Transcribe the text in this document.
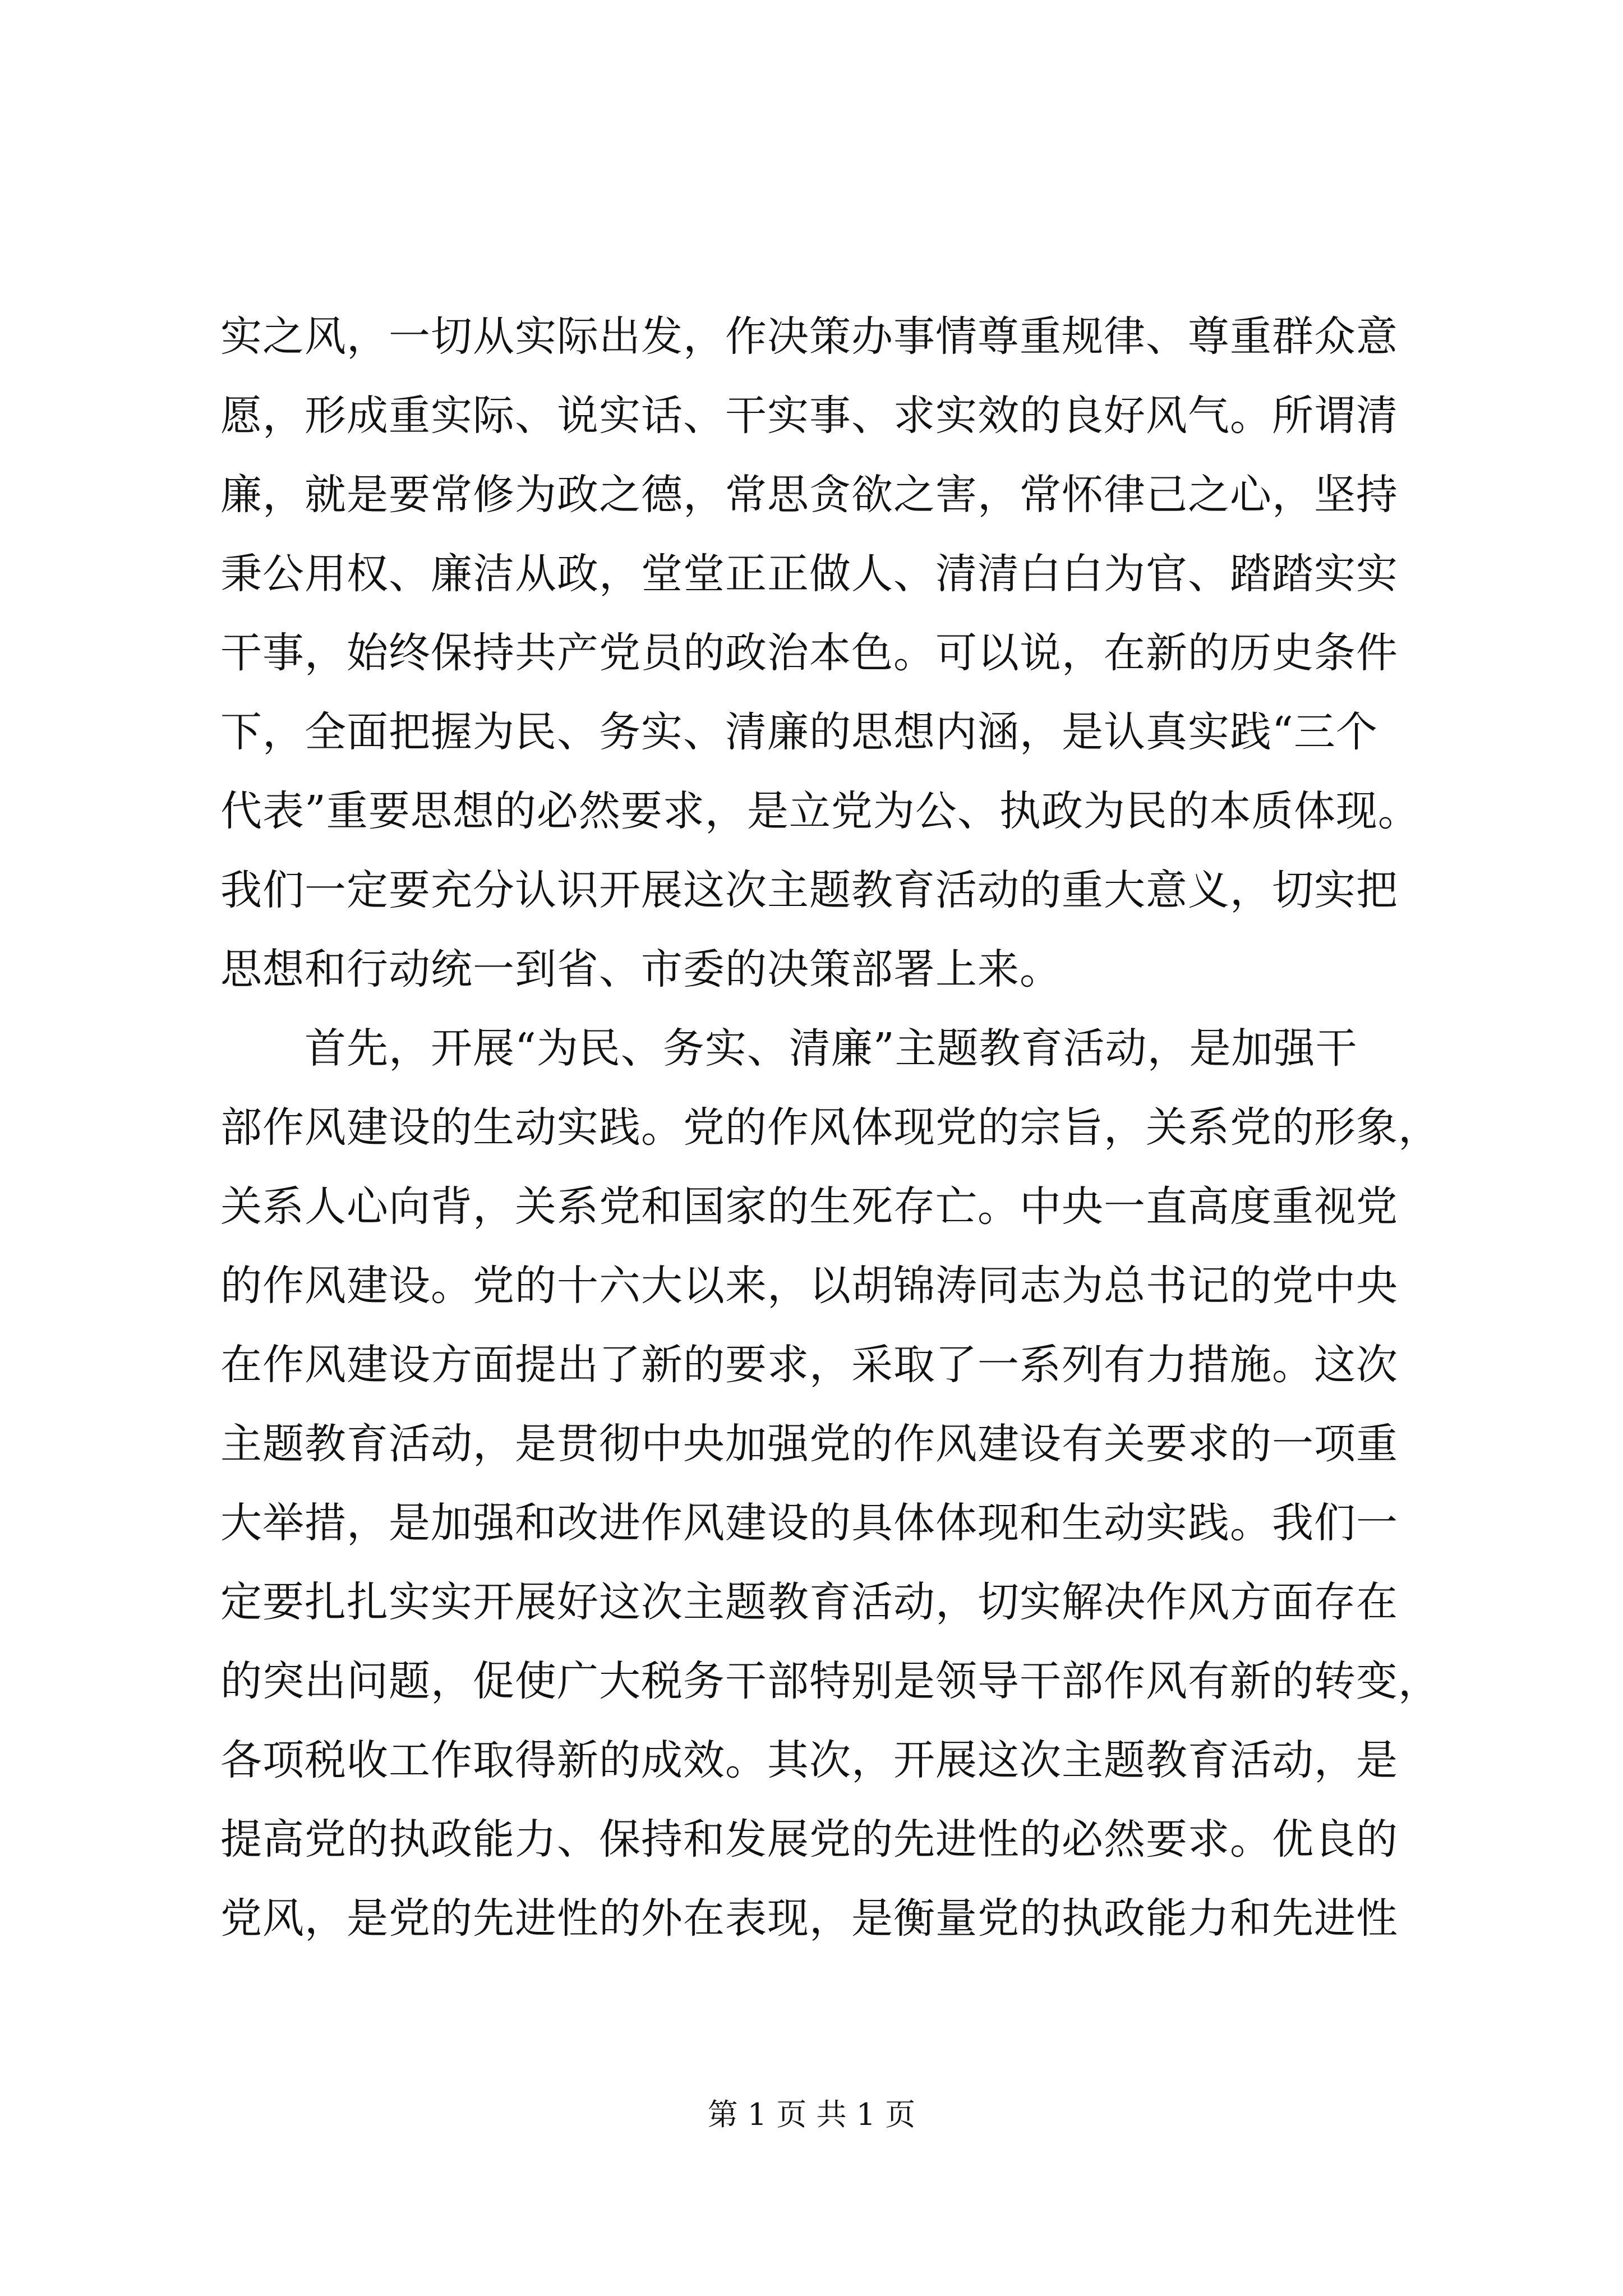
实之风，一切从实际出发，作决策办事情尊重规律、尊重群众意
愿，形成重实际、说实话、干实事、求实效的良好风气。所谓清
廉，就是要常修为政之德，常思贪欲之害，常怀律己之心，坚持
秉公用权、廉洁从政，堂堂正正做人、清清白白为官、踏踏实实
干事，始终保持共产党员的政治本色。可以说，在新的历史条件
下，全面把握为民、务实、清廉的思想内涵，是认真实践“三个
代表”重要思想的必然要求，是立党为公、执政为民的本质体现。
我们一定要充分认识开展这次主题教育活动的重大意义，切实把
思想和行动统一到省、市委的决策部署上来。
　　首先，开展“为民、务实、清廉”主题教育活动，是加强干
部作风建设的生动实践。党的作风体现党的宗旨，关系党的形象，
关系人心向背，关系党和国家的生死存亡。中央一直高度重视党
的作风建设。党的十六大以来，以胡锦涛同志为总书记的党中央
在作风建设方面提出了新的要求，采取了一系列有力措施。这次
主题教育活动，是贯彻中央加强党的作风建设有关要求的一项重
大举措，是加强和改进作风建设的具体体现和生动实践。我们一
定要扎扎实实开展好这次主题教育活动，切实解决作风方面存在
的突出问题，促使广大税务干部特别是领导干部作风有新的转变，
各项税收工作取得新的成效。其次，开展这次主题教育活动，是
提高党的执政能力、保持和发展党的先进性的必然要求。优良的
党风，是党的先进性的外在表现，是衡量党的执政能力和先进性
第 1 页 共 1 页
